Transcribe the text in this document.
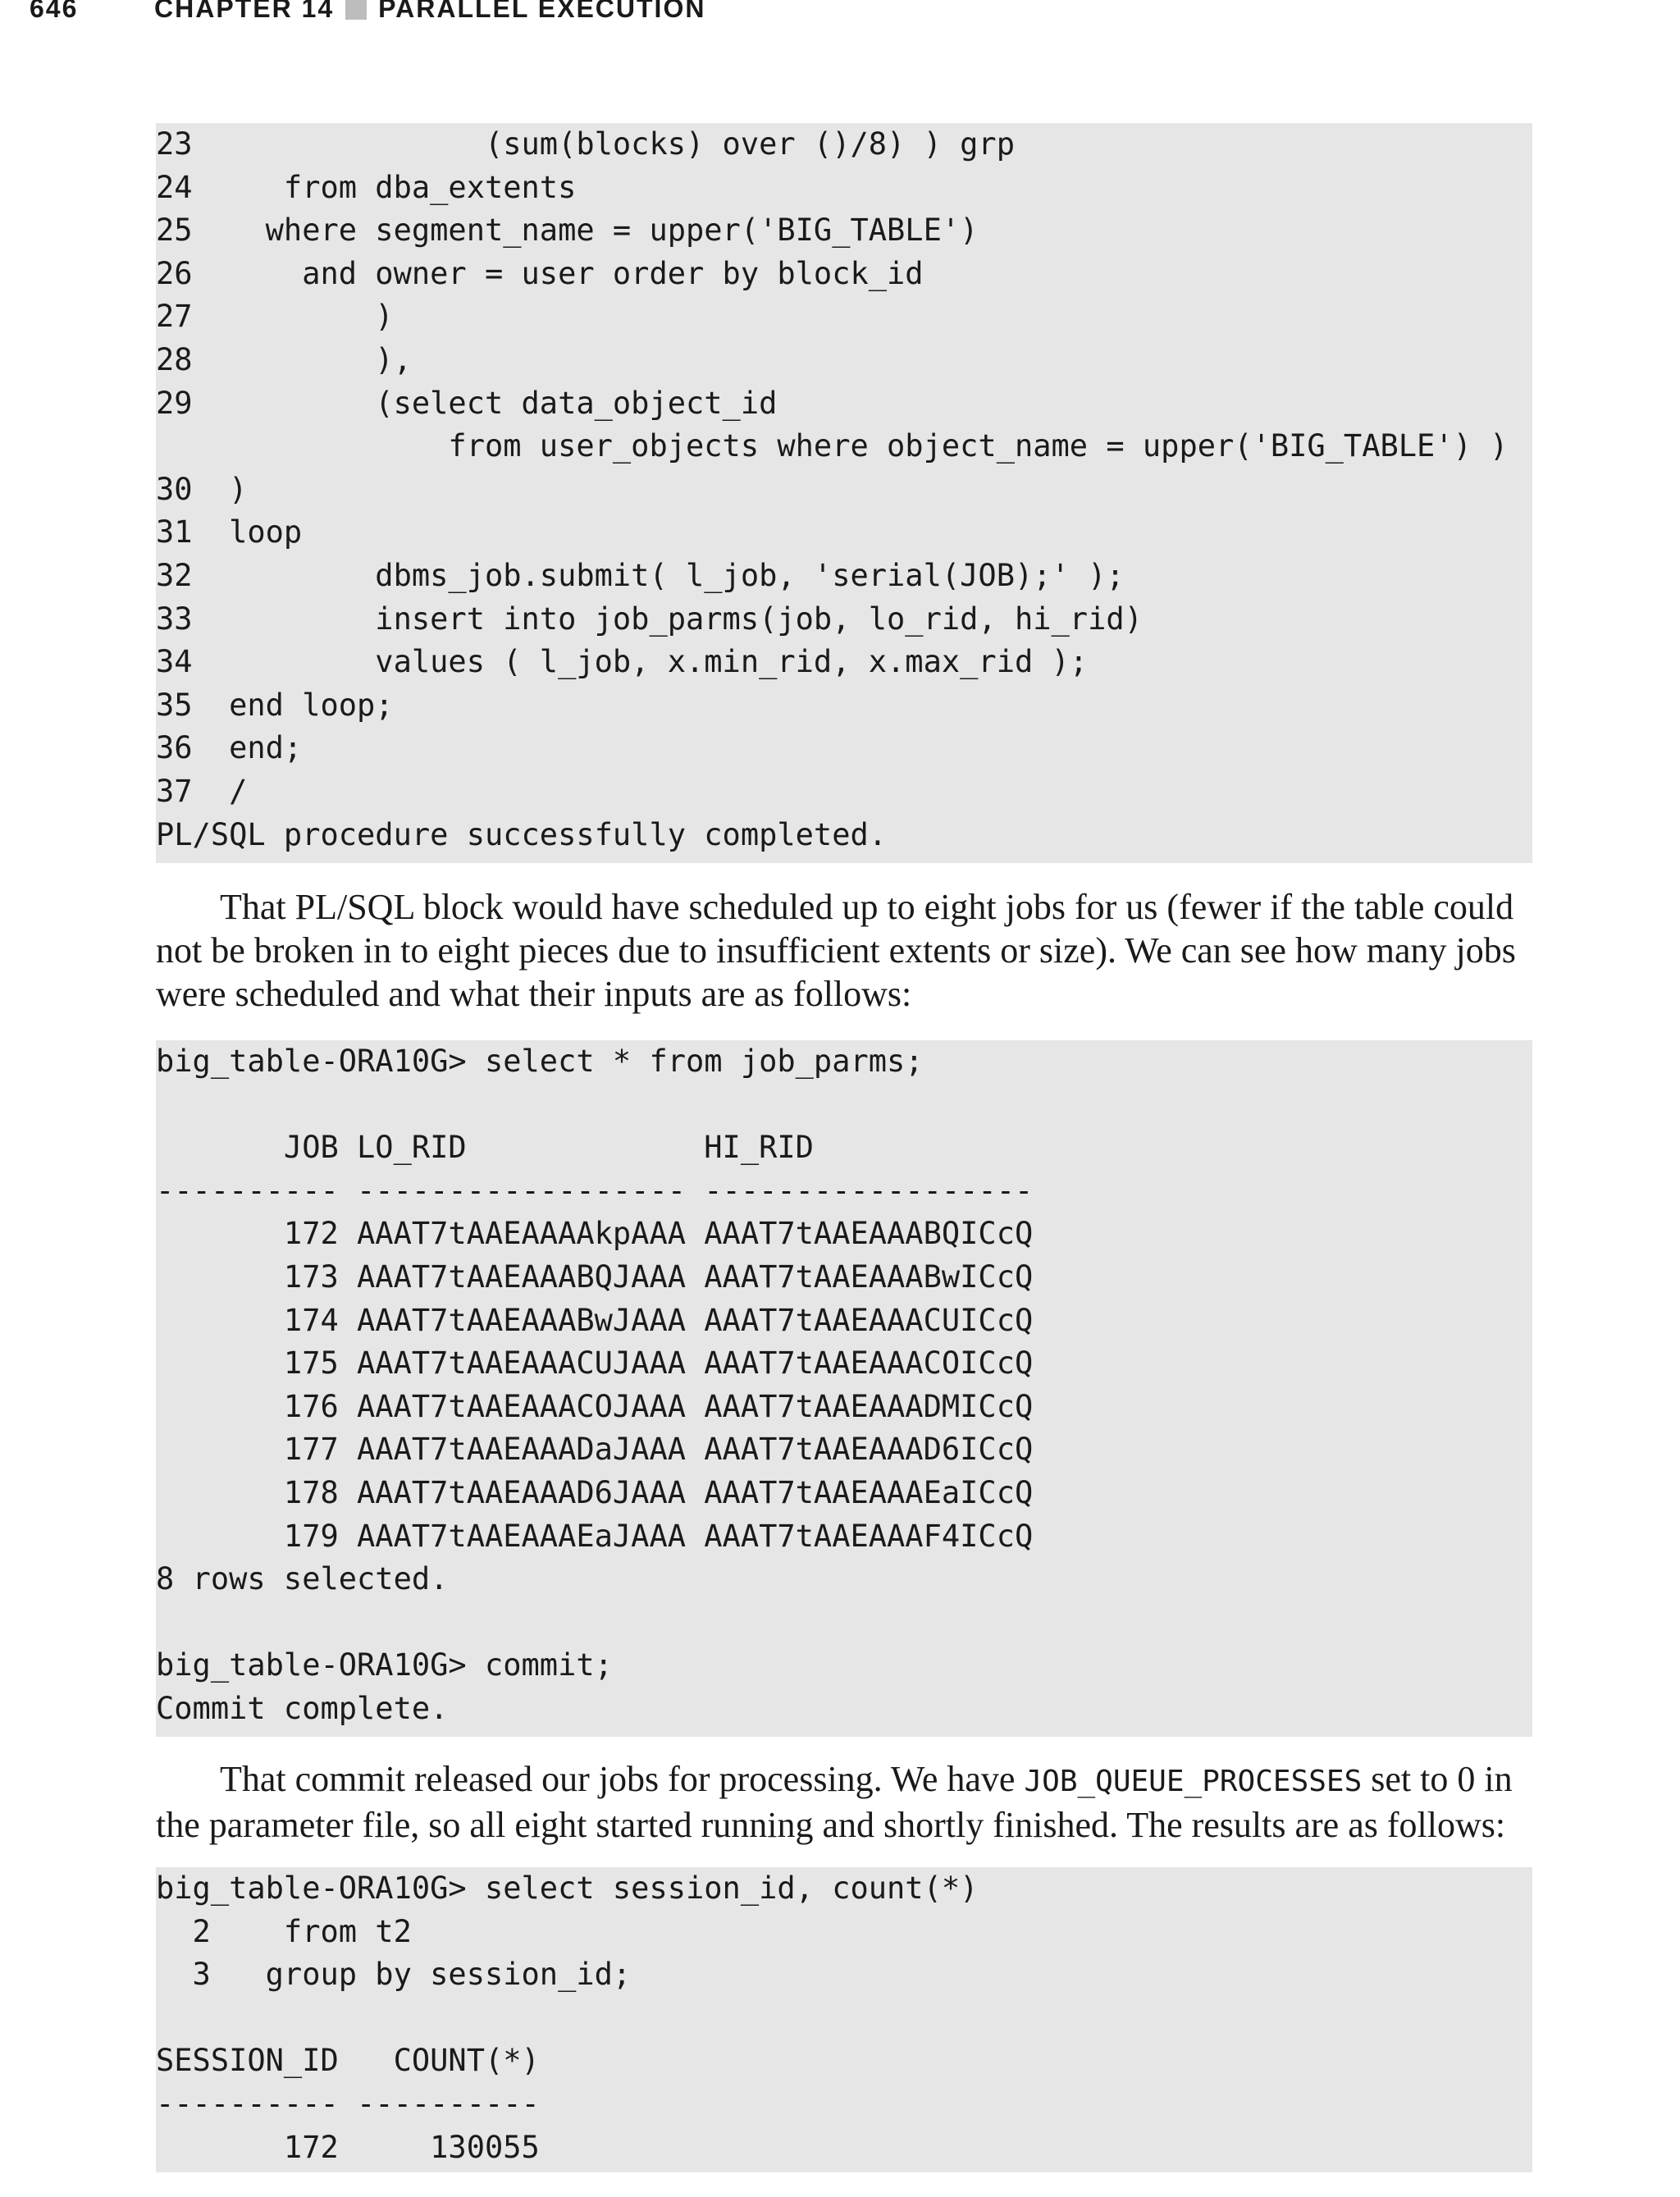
646	CHAPTER 14 PARALLEL EXECUTION
23                (sum(blocks) over ()/8) ) grp
24     from dba_extents
25    where segment_name = upper('BIG_TABLE')
26      and owner = user order by block_id
27          )
28          ),
29          (select data_object_id
from user_objects where object_name = upper('BIG_TABLE') )
30  )
31  loop
32          dbms_job.submit( l_job, 'serial(JOB);' );
33          insert into job_parms(job, lo_rid, hi_rid)
34          values ( l_job, x.min_rid, x.max_rid );
35  end loop;
36  end;
37  /
PL/SQL procedure successfully completed.

That PL/SQL block would have scheduled up to eight jobs for us (fewer if the table could not be broken in to eight pieces due to insufficient extents or size). We can see how many jobs were scheduled and what their inputs are as follows:

big_table-ORA10G> select * from job_parms;

JOB LO_RID             HI_RID
---------- ------------------ ------------------
172 AAAT7tAAEAAAAkpAAA AAAT7tAAEAAABQICcQ
173 AAAT7tAAEAAABQJAAA AAAT7tAAEAAABwICcQ
174 AAAT7tAAEAAABwJAAA AAAT7tAAEAAACUICcQ
175 AAAT7tAAEAAACUJAAA AAAT7tAAEAAACOICcQ
176 AAAT7tAAEAAACOJAAA AAAT7tAAEAAADMICcQ
177 AAAT7tAAEAAADaJAAA AAAT7tAAEAAAD6ICcQ
178 AAAT7tAAEAAAD6JAAA AAAT7tAAEAAAEaICcQ
179 AAAT7tAAEAAAEaJAAA AAAT7tAAEAAAF4ICcQ
8 rows selected.

big_table-ORA10G> commit;
Commit complete.

That commit released our jobs for processing. We have JOB_QUEUE_PROCESSES set to 0 in the parameter file, so all eight started running and shortly finished. The results are as follows:

big_table-ORA10G> select session_id, count(*)
2    from t2
3   group by session_id;

SESSION_ID   COUNT(*)
---------- ----------
172     130055
